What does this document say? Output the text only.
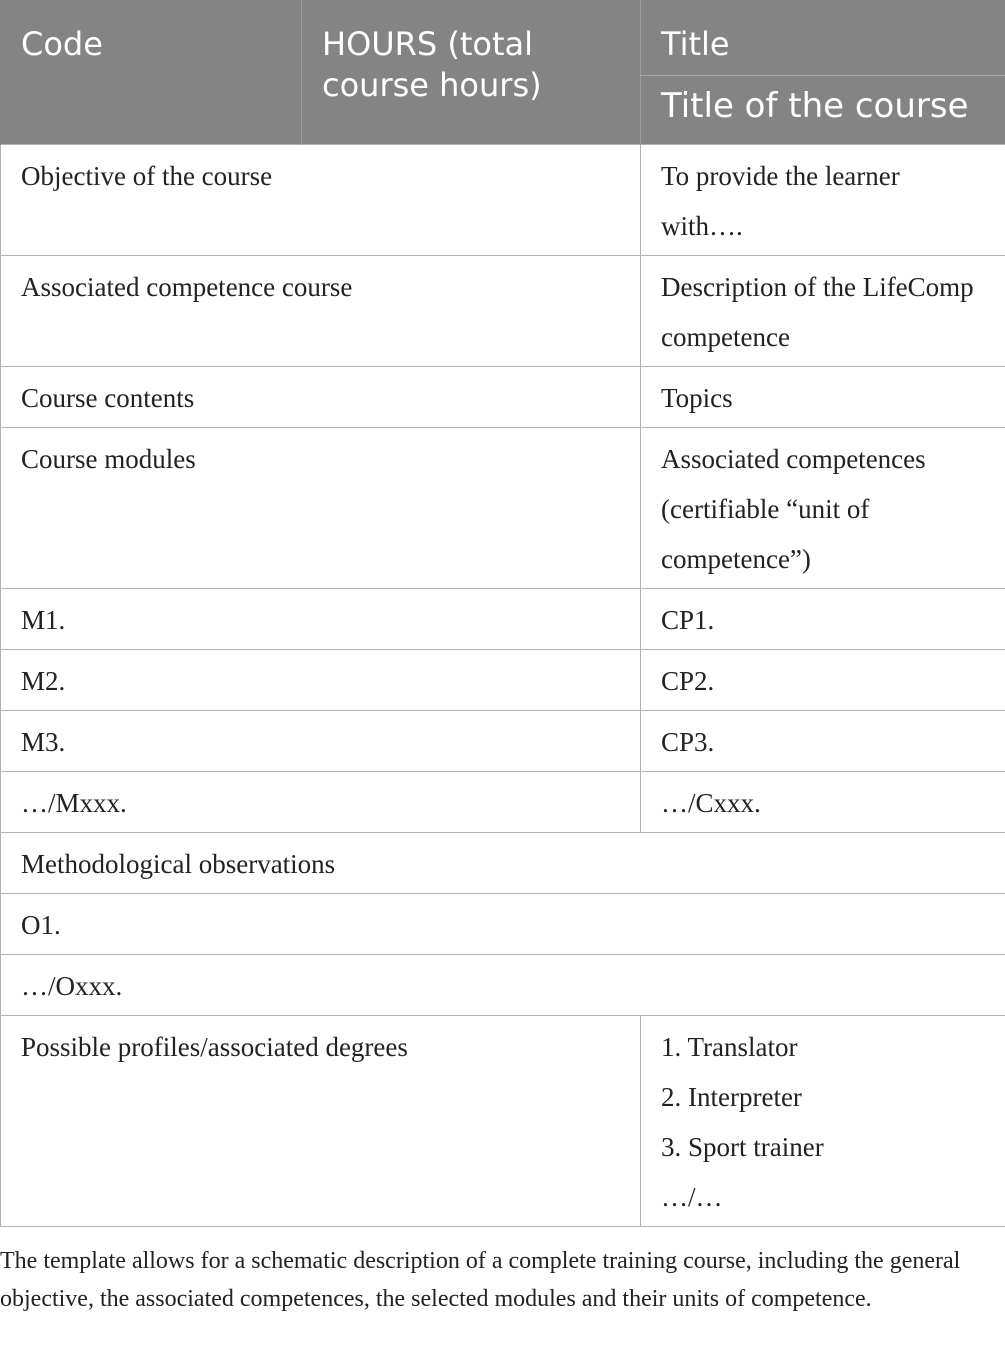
Code	HOURS (total course hours)	Title
		Title of the course
Objective of the course		To provide the learner with….
Associated competence course		Description of the LifeComp competence
Course contents		Topics
Course modules		Associated competences (certifiable “unit of competence”)
M1.		CP1.
M2.		CP2.
M3.		CP3.
…/Mxxx.		…/Cxxx.
Methodological observations		
O1.		
…/Oxxx.		
Possible profiles/associated degrees		1. Translator
2. Interpreter
3. Sport trainer
…/…
The template allows for a schematic description of a complete training course, including the general objective, the associated competences, the selected modules and their units of competence.
